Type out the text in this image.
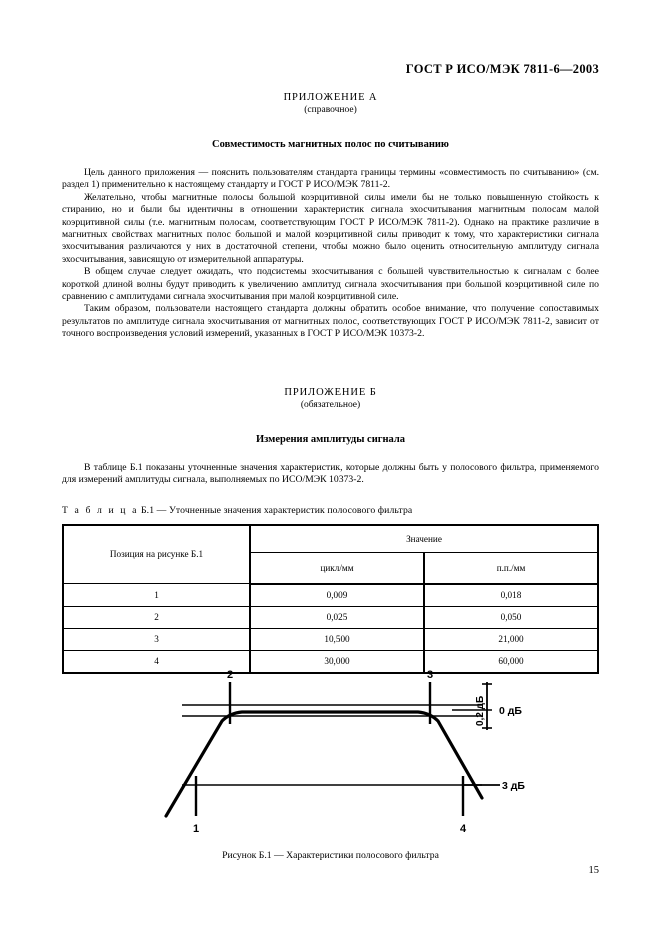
ГОСТ Р ИСО/МЭК 7811-6—2003
ПРИЛОЖЕНИЕ А
(справочное)
Совместимость магнитных полос по считыванию

Цель данного приложения — пояснить пользователям стандарта границы термины «совместимость по считыванию» (см. раздел 1) применительно к настоящему стандарту и ГОСТ Р ИСО/МЭК 7811-2.

Желательно, чтобы магнитные полосы большой коэрцитивной силы имели бы не только повышенную стойкость к стиранию, но и были бы идентичны в отношении характеристик сигнала эхосчитывания магнитным полосам малой коэрцитивной силы (т.е. магнитным полосам, соответствующим ГОСТ Р ИСО/МЭК 7811-2). Однако на практике различие в магнитных свойствах магнитных полос большой и малой коэрцитивной силы приводит к тому, что характеристики сигнала эхосчитывания различаются у них в достаточной степени, чтобы можно было оценить относительную амплитуду сигнала эхосчитывания, зависящую от измерительной аппаратуры.

В общем случае следует ожидать, что подсистемы эхосчитывания с большей чувствительностью к сигналам с более короткой длиной волны будут приводить к увеличению амплитуд сигнала эхосчитывания при большой коэрцитивной силе по сравнению с амплитудами сигнала эхосчитывания при малой коэрцитивной силе.

Таким образом, пользователи настоящего стандарта должны обратить особое внимание, что получение сопоставимых результатов по амплитуде сигнала эхосчитывания от магнитных полос, соответствующих ГОСТ Р ИСО/МЭК 7811-2, зависит от точного воспроизведения условий измерений, указанных в ГОСТ Р ИСО/МЭК 10373-2.

ПРИЛОЖЕНИЕ Б
(обязательное)
Измерения амплитуды сигнала

В таблице Б.1 показаны уточненные значения характеристик, которые должны быть у полосового фильтра, применяемого для измерений амплитуды сигнала, выполняемых по ИСО/МЭК 10373-2.

Т а б л и ц а Б.1 — Уточненные значения характеристик полосового фильтра
Позиция на рисунке Б.1	Значение	
	цикл/мм	п.п./мм
1	0,009	0,018
2	0,025	0,050
3	10,500	21,000
4	30,000	60,000
2	3
1	4
0 дБ
3 дБ
0,2 дБ
Рисунок Б.1 — Характеристики полосового фильтра
15
